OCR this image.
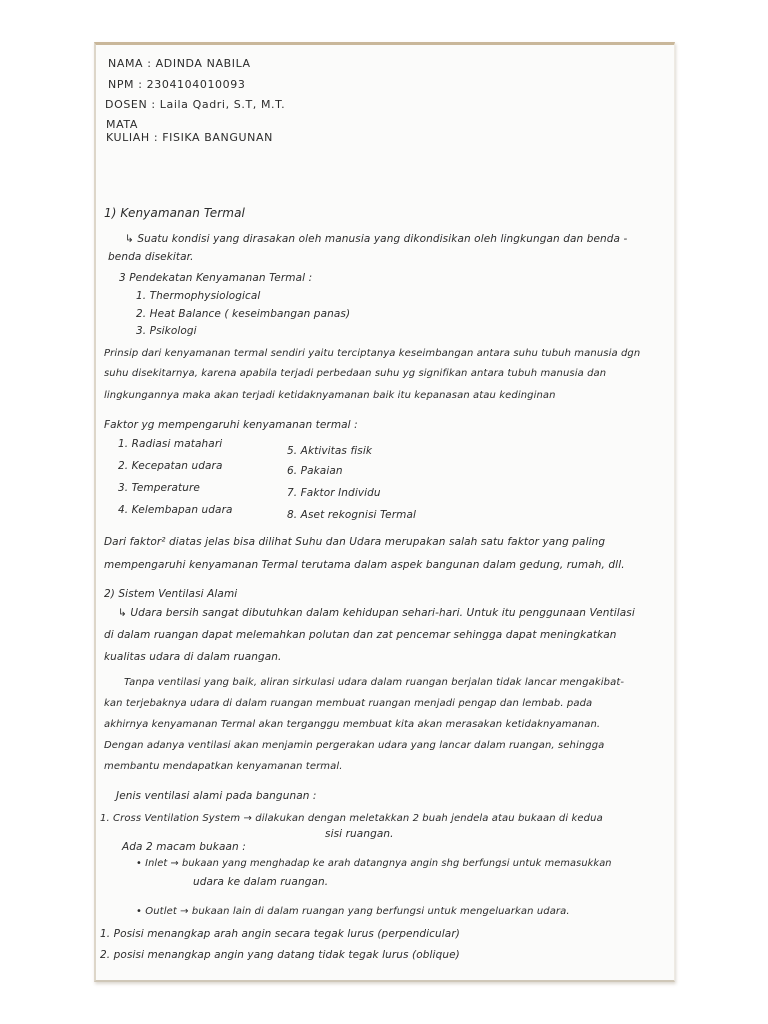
NAMA : ADINDA NABILA
NPM : 2304104010093
DOSEN : Laila Qadri, S.T, M.T.
MATA
KULIAH : FISIKA BANGUNAN
1) Kenyamanan Termal
↳ Suatu kondisi yang dirasakan oleh manusia yang dikondisikan oleh lingkungan dan benda -
benda disekitar.
3 Pendekatan Kenyamanan Termal :
1. Thermophysiological
2. Heat Balance ( keseimbangan panas)
3. Psikologi
Prinsip dari kenyamanan termal sendiri yaitu terciptanya keseimbangan antara suhu tubuh manusia dgn
suhu disekitarnya, karena apabila terjadi perbedaan suhu yg signifikan antara tubuh manusia dan
lingkungannya maka akan terjadi ketidaknyamanan baik itu kepanasan atau kedinginan
Faktor yg mempengaruhi kenyamanan termal :
1. Radiasi matahari
2. Kecepatan udara
3. Temperature
4. Kelembapan udara
5. Aktivitas fisik
6. Pakaian
7. Faktor Individu
8. Aset rekognisi Termal
Dari faktor² diatas jelas bisa dilihat Suhu dan Udara merupakan salah satu faktor yang paling
mempengaruhi kenyamanan Termal terutama dalam aspek bangunan dalam gedung, rumah, dll.
2) Sistem Ventilasi Alami
↳ Udara bersih sangat dibutuhkan dalam kehidupan sehari-hari. Untuk itu penggunaan Ventilasi
di dalam ruangan dapat melemahkan polutan dan zat pencemar sehingga dapat meningkatkan
kualitas udara di dalam ruangan.
Tanpa ventilasi yang baik, aliran sirkulasi udara dalam ruangan berjalan tidak lancar mengakibat-
kan terjebaknya udara di dalam ruangan membuat ruangan menjadi pengap dan lembab. pada
akhirnya kenyamanan Termal akan terganggu membuat kita akan merasakan ketidaknyamanan.
Dengan adanya ventilasi akan menjamin pergerakan udara yang lancar dalam ruangan, sehingga
membantu mendapatkan kenyamanan termal.
Jenis ventilasi alami pada bangunan :
1. Cross Ventilation System → dilakukan dengan meletakkan 2 buah jendela atau bukaan di kedua
sisi ruangan.
Ada 2 macam bukaan :
• Inlet → bukaan yang menghadap ke arah datangnya angin shg berfungsi untuk memasukkan
udara ke dalam ruangan.
• Outlet → bukaan lain di dalam ruangan yang berfungsi untuk mengeluarkan udara.
1. Posisi menangkap arah angin secara tegak lurus (perpendicular)
2. posisi menangkap angin yang datang tidak tegak lurus (oblique)
